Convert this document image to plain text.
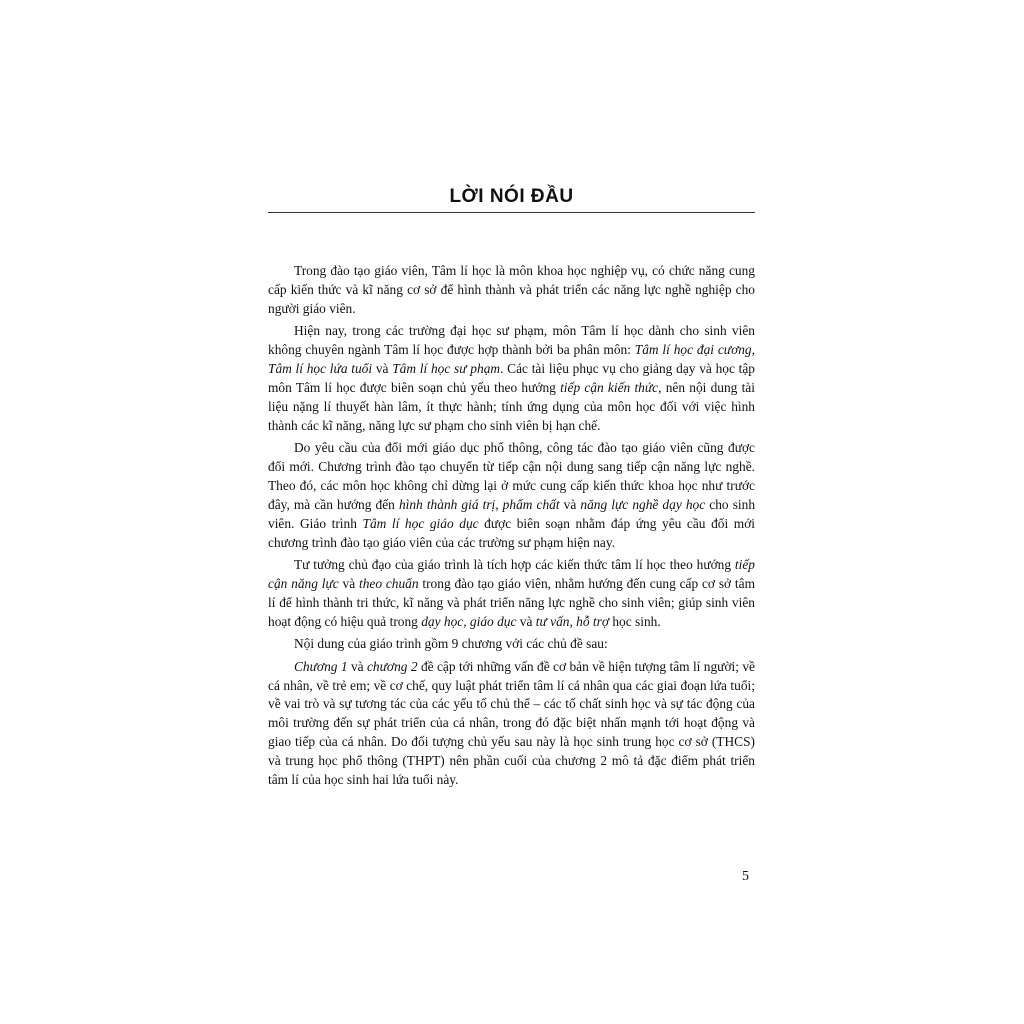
LỜI NÓI ĐẦU

Trong đào tạo giáo viên, Tâm lí học là môn khoa học nghiệp vụ, có chức năng cung cấp kiến thức và kĩ năng cơ sở để hình thành và phát triển các năng lực nghề nghiệp cho người giáo viên.

Hiện nay, trong các trường đại học sư phạm, môn Tâm lí học dành cho sinh viên không chuyên ngành Tâm lí học được hợp thành bởi ba phân môn: Tâm lí học đại cương, Tâm lí học lứa tuổi và Tâm lí học sư phạm. Các tài liệu phục vụ cho giảng dạy và học tập môn Tâm lí học được biên soạn chủ yếu theo hướng tiếp cận kiến thức, nên nội dung tài liệu nặng lí thuyết hàn lâm, ít thực hành; tính ứng dụng của môn học đối với việc hình thành các kĩ năng, năng lực sư phạm cho sinh viên bị hạn chế.

Do yêu cầu của đổi mới giáo dục phổ thông, công tác đào tạo giáo viên cũng được đổi mới. Chương trình đào tạo chuyển từ tiếp cận nội dung sang tiếp cận năng lực nghề. Theo đó, các môn học không chỉ dừng lại ở mức cung cấp kiến thức khoa học như trước đây, mà cần hướng đến hình thành giá trị, phẩm chất và năng lực nghề dạy học cho sinh viên. Giáo trình Tâm lí học giáo dục được biên soạn nhằm đáp ứng yêu cầu đổi mới chương trình đào tạo giáo viên của các trường sư phạm hiện nay.

Tư tưởng chủ đạo của giáo trình là tích hợp các kiến thức tâm lí học theo hướng tiếp cận năng lực và theo chuẩn trong đào tạo giáo viên, nhằm hướng đến cung cấp cơ sở tâm lí để hình thành tri thức, kĩ năng và phát triển năng lực nghề cho sinh viên; giúp sinh viên hoạt động có hiệu quả trong dạy học, giáo dục và tư vấn, hỗ trợ học sinh.

Nội dung của giáo trình gồm 9 chương với các chủ đề sau:

Chương 1 và chương 2 đề cập tới những vấn đề cơ bản về hiện tượng tâm lí người; về cá nhân, về trẻ em; về cơ chế, quy luật phát triển tâm lí cá nhân qua các giai đoạn lứa tuổi; về vai trò và sự tương tác của các yếu tố chủ thể – các tố chất sinh học và sự tác động của môi trường đến sự phát triển của cá nhân, trong đó đặc biệt nhấn mạnh tới hoạt động và giao tiếp của cá nhân. Do đối tượng chủ yếu sau này là học sinh trung học cơ sở (THCS) và trung học phổ thông (THPT) nên phần cuối của chương 2 mô tả đặc điểm phát triển tâm lí của học sinh hai lứa tuổi này.

5
